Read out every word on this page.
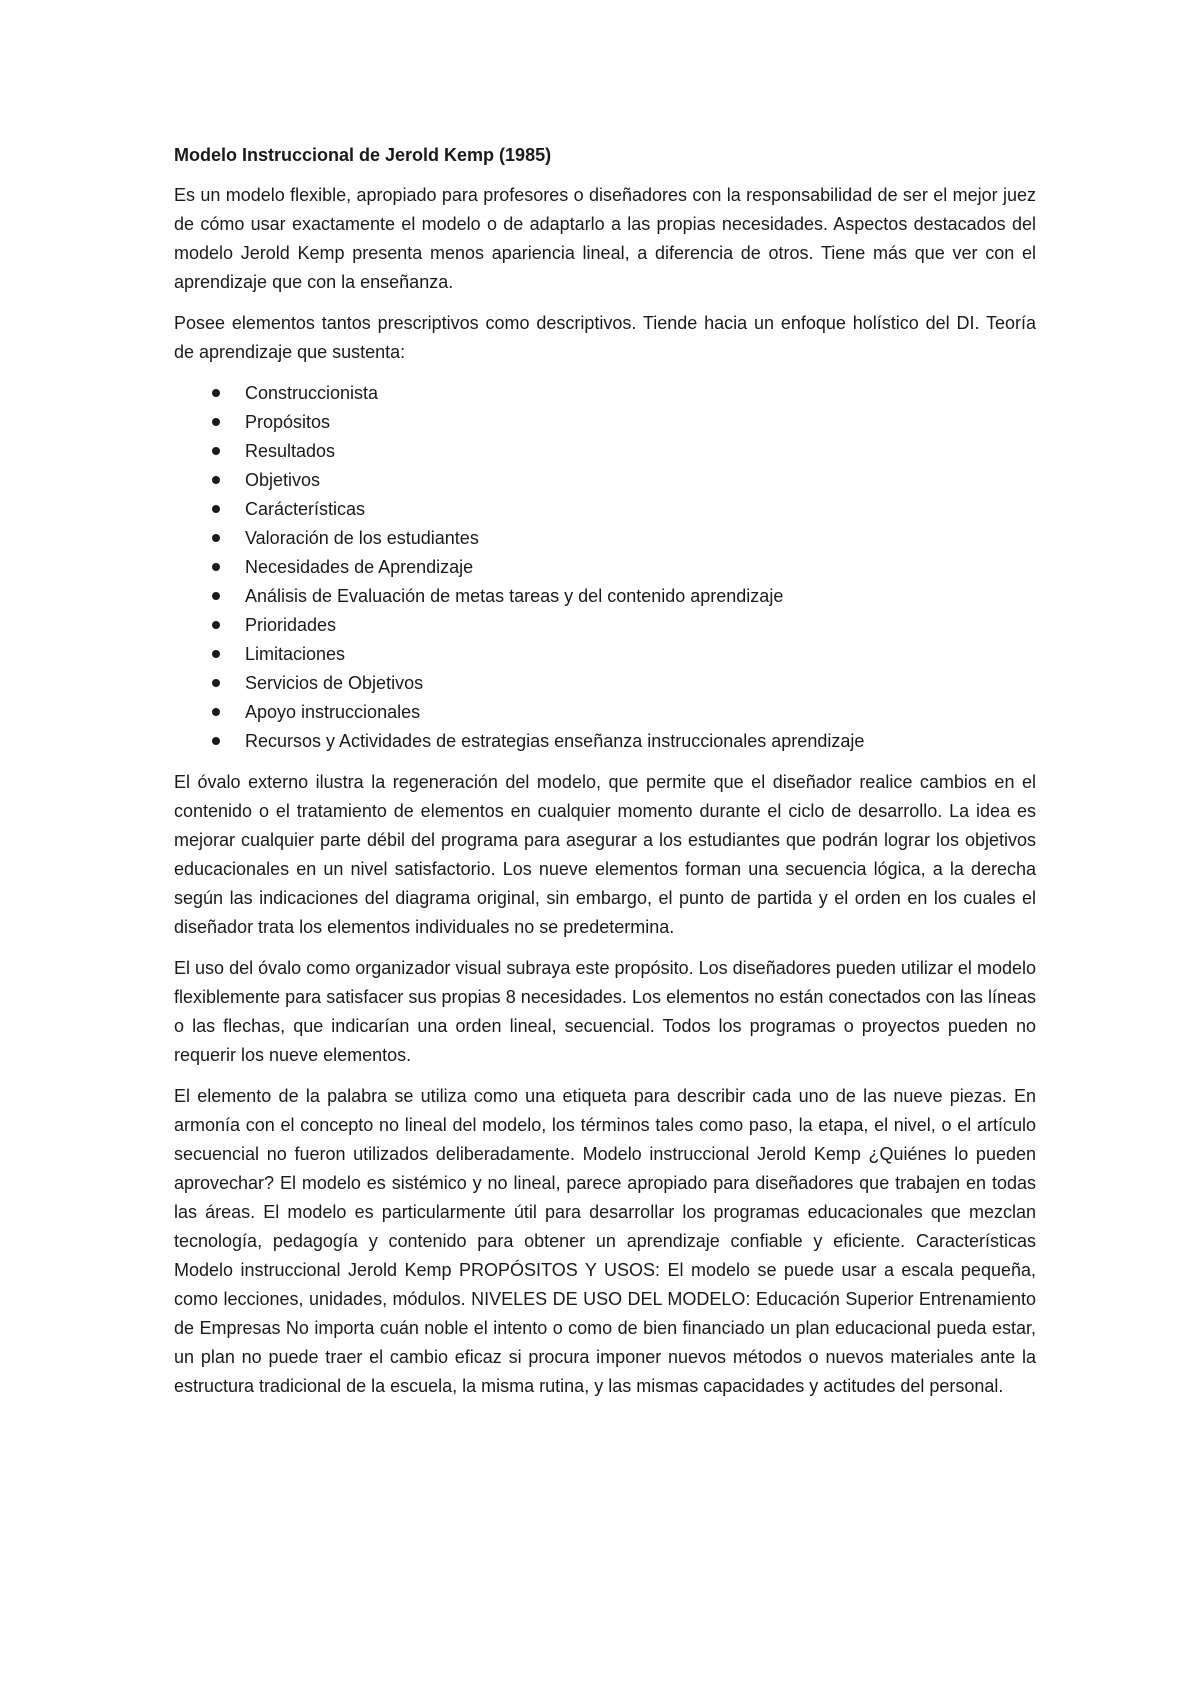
Modelo Instruccional de Jerold Kemp (1985)

Es un modelo flexible, apropiado para profesores o diseñadores con la responsabilidad de ser el mejor juez de cómo usar exactamente el modelo o de adaptarlo a las propias necesidades. Aspectos destacados del modelo Jerold Kemp presenta menos apariencia lineal, a diferencia de otros. Tiene más que ver con el aprendizaje que con la enseñanza.

Posee elementos tantos prescriptivos como descriptivos. Tiende hacia un enfoque holístico del DI. Teoría de aprendizaje que sustenta:

Construccionista
Propósitos
Resultados
Objetivos
Carácterísticas
Valoración de los estudiantes
Necesidades de Aprendizaje
Análisis de Evaluación de metas tareas y del contenido aprendizaje
Prioridades
Limitaciones
Servicios de Objetivos
Apoyo instruccionales
Recursos y Actividades de estrategias enseñanza instruccionales aprendizaje

El óvalo externo ilustra la regeneración del modelo, que permite que el diseñador realice cambios en el contenido o el tratamiento de elementos en cualquier momento durante el ciclo de desarrollo. La idea es mejorar cualquier parte débil del programa para asegurar a los estudiantes que podrán lograr los objetivos educacionales en un nivel satisfactorio. Los nueve elementos forman una secuencia lógica, a la derecha según las indicaciones del diagrama original, sin embargo, el punto de partida y el orden en los cuales el diseñador trata los elementos individuales no se predetermina.

El uso del óvalo como organizador visual subraya este propósito. Los diseñadores pueden utilizar el modelo flexiblemente para satisfacer sus propias 8 necesidades. Los elementos no están conectados con las líneas o las flechas, que indicarían una orden lineal, secuencial. Todos los programas o proyectos pueden no requerir los nueve elementos.

El elemento de la palabra se utiliza como una etiqueta para describir cada uno de las nueve piezas. En armonía con el concepto no lineal del modelo, los términos tales como paso, la etapa, el nivel, o el artículo secuencial no fueron utilizados deliberadamente. Modelo instruccional Jerold Kemp ¿Quiénes lo pueden aprovechar? El modelo es sistémico y no lineal, parece apropiado para diseñadores que trabajen en todas las áreas. El modelo es particularmente útil para desarrollar los programas educacionales que mezclan tecnología, pedagogía y contenido para obtener un aprendizaje confiable y eficiente. Características Modelo instruccional Jerold Kemp PROPÓSITOS Y USOS: El modelo se puede usar a escala pequeña, como lecciones, unidades, módulos. NIVELES DE USO DEL MODELO: Educación Superior Entrenamiento de Empresas No importa cuán noble el intento o como de bien financiado un plan educacional pueda estar, un plan no puede traer el cambio eficaz si procura imponer nuevos métodos o nuevos materiales ante la estructura tradicional de la escuela, la misma rutina, y las mismas capacidades y actitudes del personal.
